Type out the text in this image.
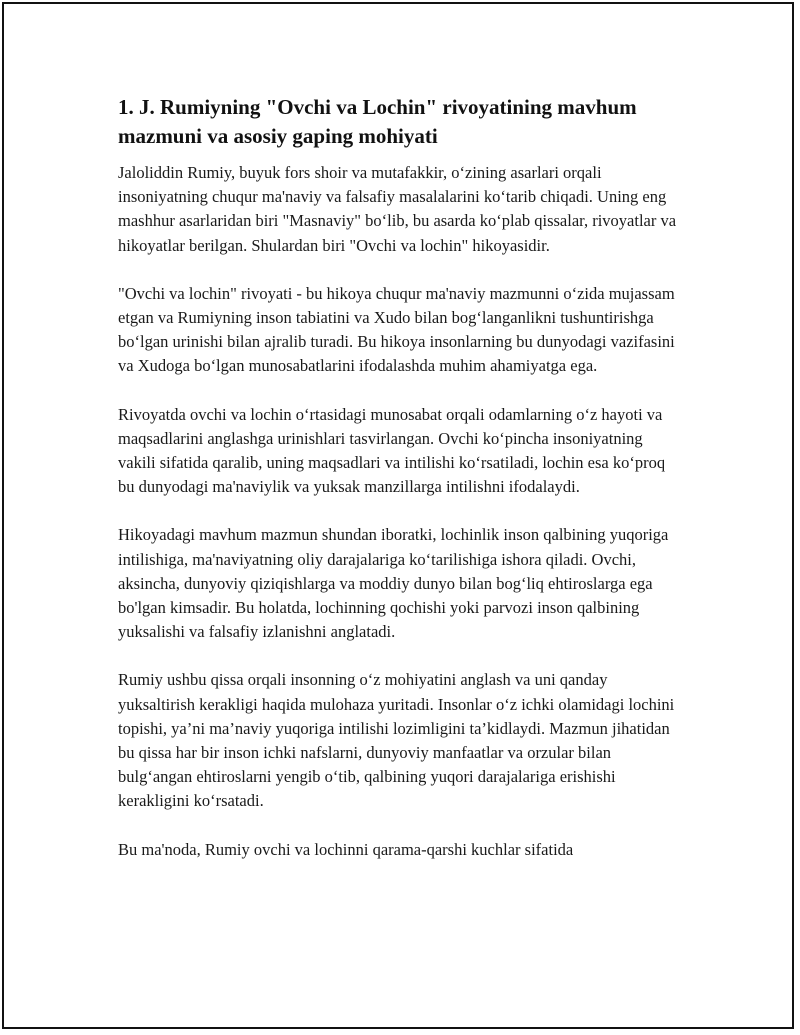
1. J. Rumiyning "Ovchi va Lochin" rivoyatining mavhum mazmuni va asosiy gaping mohiyati

Jaloliddin Rumiy, buyuk fors shoir va mutafakkir, o‘zining asarlari orqali insoniyatning chuqur ma'naviy va falsafiy masalalarini ko‘tarib chiqadi. Uning eng mashhur asarlaridan biri "Masnaviy" bo‘lib, bu asarda ko‘plab qissalar, rivoyatlar va hikoyatlar berilgan. Shulardan biri "Ovchi va lochin" hikoyasidir.

"Ovchi va lochin" rivoyati - bu hikoya chuqur ma'naviy mazmunni o‘zida mujassam etgan va Rumiyning inson tabiatini va Xudo bilan bog‘langanlikni tushuntirishga bo‘lgan urinishi bilan ajralib turadi. Bu hikoya insonlarning bu dunyodagi vazifasini va Xudoga bo‘lgan munosabatlarini ifodalashda muhim ahamiyatga ega.

Rivoyatda ovchi va lochin o‘rtasidagi munosabat orqali odamlarning o‘z hayoti va maqsadlarini anglashga urinishlari tasvirlangan. Ovchi ko‘pincha insoniyatning vakili sifatida qaralib, uning maqsadlari va intilishi ko‘rsatiladi, lochin esa ko‘proq bu dunyodagi ma'naviylik va yuksak manzillarga intilishni ifodalaydi.

Hikoyadagi mavhum mazmun shundan iboratki, lochinlik inson qalbining yuqoriga intilishiga, ma'naviyatning oliy darajalariga ko‘tarilishiga ishora qiladi. Ovchi, aksincha, dunyoviy qiziqishlarga va moddiy dunyo bilan bog‘liq ehtiroslarga ega bo'lgan kimsadir. Bu holatda, lochinning qochishi yoki parvozi inson qalbining yuksalishi va falsafiy izlanishni anglatadi.

Rumiy ushbu qissa orqali insonning o‘z mohiyatini anglash va uni qanday yuksaltirish kerakligi haqida mulohaza yuritadi. Insonlar o‘z ichki olamidagi lochini topishi, ya’ni ma’naviy yuqoriga intilishi lozimligini ta’kidlaydi. Mazmun jihatidan bu qissa har bir inson ichki nafslarni, dunyoviy manfaatlar va orzular bilan bulg‘angan ehtiroslarni yengib o‘tib, qalbining yuqori darajalariga erishishi kerakligini ko‘rsatadi.

Bu ma'noda, Rumiy ovchi va lochinni qarama-qarshi kuchlar sifatida
